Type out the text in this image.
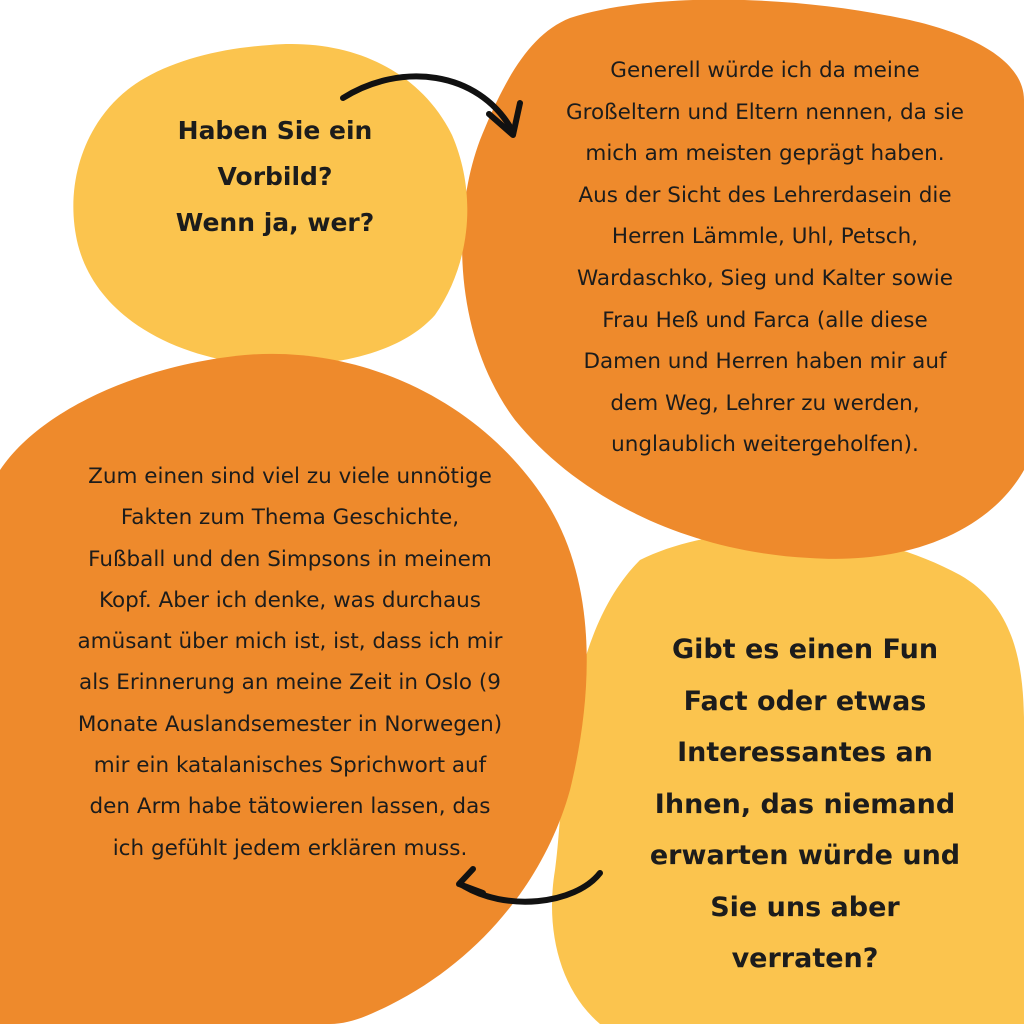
Haben Sie ein
Vorbild?
Wenn ja, wer?
Generell würde ich da meine
Großeltern und Eltern nennen, da sie
mich am meisten geprägt haben.
Aus der Sicht des Lehrerdasein die
Herren Lämmle, Uhl, Petsch,
Wardaschko, Sieg und Kalter sowie
Frau Heß und Farca (alle diese
Damen und Herren haben mir auf
dem Weg, Lehrer zu werden,
unglaublich weitergeholfen).
Zum einen sind viel zu viele unnötige
Fakten zum Thema Geschichte,
Fußball und den Simpsons in meinem
Kopf. Aber ich denke, was durchaus
amüsant über mich ist, ist, dass ich mir
als Erinnerung an meine Zeit in Oslo (9
Monate Auslandsemester in Norwegen)
mir ein katalanisches Sprichwort auf
den Arm habe tätowieren lassen, das
ich gefühlt jedem erklären muss.
Gibt es einen Fun
Fact oder etwas
Interessantes an
Ihnen, das niemand
erwarten würde und
Sie uns aber
verraten?
